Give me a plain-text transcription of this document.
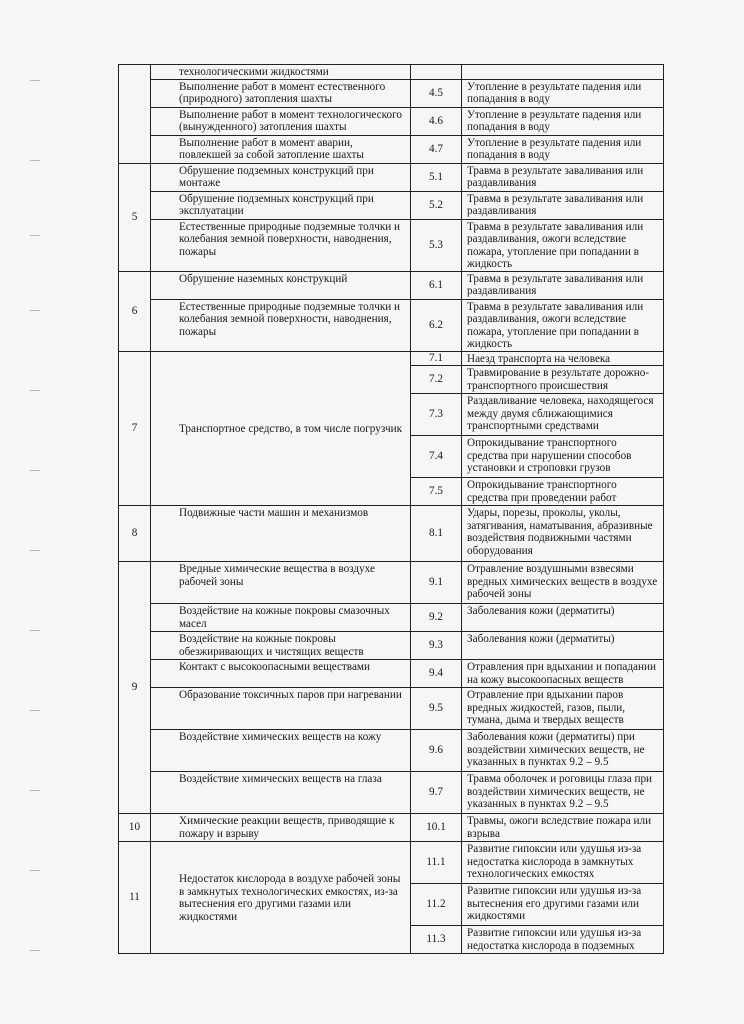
	технологическими жидкостями		
	Выполнение работ в момент естественного (природного) затопления шахты	4.5	Утопление в результате падения или попадания в воду
	Выполнение работ в момент технологического (вынужденного) затопления шахты	4.6	Утопление в результате падения или попадания в воду
	Выполнение работ в момент аварии, повлекшей за собой затопление шахты	4.7	Утопление в результате падения или попадания в воду
5	Обрушение подземных конструкций при монтаже	5.1	Травма в результате заваливания или раздавливания
	Обрушение подземных конструкций при эксплуатации	5.2	Травма в результате заваливания или раздавливания
	Естественные природные подземные толчки и колебания земной поверхности, наводнения, пожары	5.3	Травма в результате заваливания или раздавливания, ожоги вследствие пожара, утопление при попадании в жидкость
6	Обрушение наземных конструкций	6.1	Травма в результате заваливания или раздавливания
	Естественные природные подземные толчки и колебания земной поверхности, наводнения, пожары	6.2	Травма в результате заваливания или раздавливания, ожоги вследствие пожара, утопление при попадании в жидкость
7	Транспортное средство, в том числе погрузчик	7.1	Наезд транспорта на человека
		7.2	Травмирование в результате дорожно-транспортного происшествия
		7.3	Раздавливание человека, находящегося между двумя сближающимися транспортными средствами
		7.4	Опрокидывание транспортного средства при нарушении способов установки и строповки грузов
		7.5	Опрокидывание транспортного средства при проведении работ
8	Подвижные части машин и механизмов	8.1	Удары, порезы, проколы, уколы, затягивания, наматывания, абразивные воздействия подвижными частями оборудования
9	Вредные химические вещества в воздухе рабочей зоны	9.1	Отравление воздушными взвесями вредных химических веществ в воздухе рабочей зоны
	Воздействие на кожные покровы смазочных масел	9.2	Заболевания кожи (дерматиты)
	Воздействие на кожные покровы обезжиривающих и чистящих веществ	9.3	Заболевания кожи (дерматиты)
	Контакт с высокоопасными веществами	9.4	Отравления при вдыхании и попадании на кожу высокоопасных веществ
	Образование токсичных паров при нагревании	9.5	Отравление при вдыхании паров вредных жидкостей, газов, пыли, тумана, дыма и твердых веществ
	Воздействие химических веществ на кожу	9.6	Заболевания кожи (дерматиты) при воздействии химических веществ, не указанных в пунктах 9.2 – 9.5
	Воздействие химических веществ на глаза	9.7	Травма оболочек и роговицы глаза при воздействии химических веществ, не указанных в пунктах 9.2 – 9.5
10	Химические реакции веществ, приводящие к пожару и взрыву	10.1	Травмы, ожоги вследствие пожара или взрыва
11	Недостаток кислорода в воздухе рабочей зоны в замкнутых технологических емкостях, из-за вытеснения его другими газами или жидкостями	11.1	Развитие гипоксии или удушья из-за недостатка кислорода в замкнутых технологических емкостях
		11.2	Развитие гипоксии или удушья из-за вытеснения его другими газами или жидкостями
		11.3	Развитие гипоксии или удушья из-за недостатка кислорода в подземных
